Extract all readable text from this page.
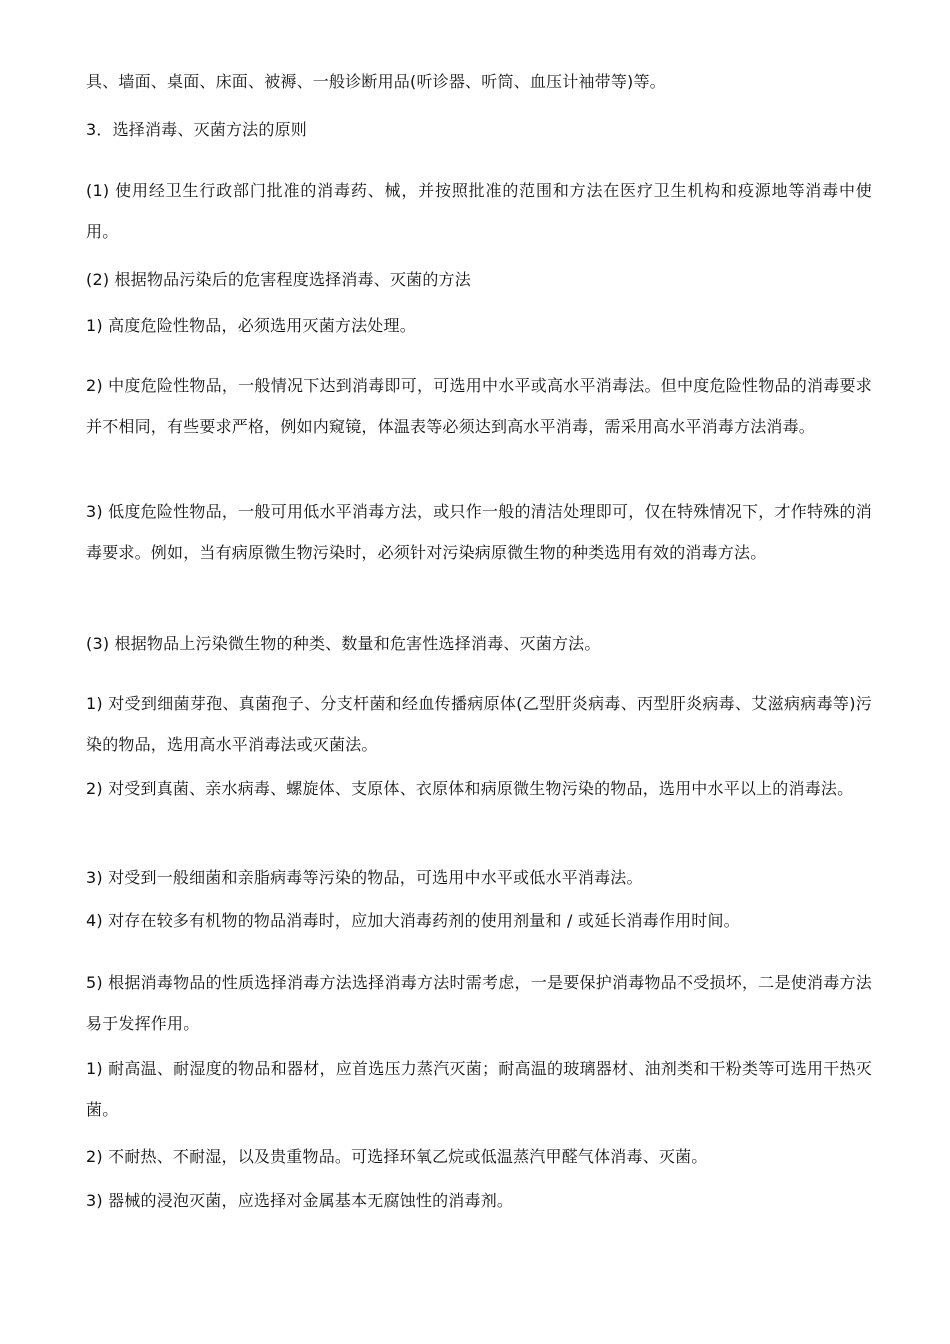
具、墙面、桌面、床面、被褥、一般诊断用品(听诊器、听筒、血压计袖带等)等。

3．选择消毒、灭菌方法的原则

(1) 使用经卫生行政部门批准的消毒药、械，并按照批准的范围和方法在医疗卫生机构和疫源地等消毒中使用。

(2) 根据物品污染后的危害程度选择消毒、灭菌的方法

1) 高度危险性物品，必须选用灭菌方法处理。

2) 中度危险性物品，一般情况下达到消毒即可，可选用中水平或高水平消毒法。但中度危险性物品的消毒要求并不相同，有些要求严格，例如内窥镜，体温表等必须达到高水平消毒，需采用高水平消毒方法消毒。

3) 低度危险性物品，一般可用低水平消毒方法，或只作一般的清洁处理即可，仅在特殊情况下，才作特殊的消毒要求。例如，当有病原微生物污染时，必须针对污染病原微生物的种类选用有效的消毒方法。

(3) 根据物品上污染微生物的种类、数量和危害性选择消毒、灭菌方法。

1) 对受到细菌芽孢、真菌孢子、分支杆菌和经血传播病原体(乙型肝炎病毒、丙型肝炎病毒、艾滋病病毒等)污染的物品，选用高水平消毒法或灭菌法。

2) 对受到真菌、亲水病毒、螺旋体、支原体、衣原体和病原微生物污染的物品，选用中水平以上的消毒法。

3) 对受到一般细菌和亲脂病毒等污染的物品，可选用中水平或低水平消毒法。

4) 对存在较多有机物的物品消毒时，应加大消毒药剂的使用剂量和 / 或延长消毒作用时间。

5) 根据消毒物品的性质选择消毒方法选择消毒方法时需考虑，一是要保护消毒物品不受损坏，二是使消毒方法易于发挥作用。

1) 耐高温、耐湿度的物品和器材，应首选压力蒸汽灭菌；耐高温的玻璃器材、油剂类和干粉类等可选用干热灭菌。

2) 不耐热、不耐湿，以及贵重物品。可选择环氧乙烷或低温蒸汽甲醛气体消毒、灭菌。

3) 器械的浸泡灭菌，应选择对金属基本无腐蚀性的消毒剂。
